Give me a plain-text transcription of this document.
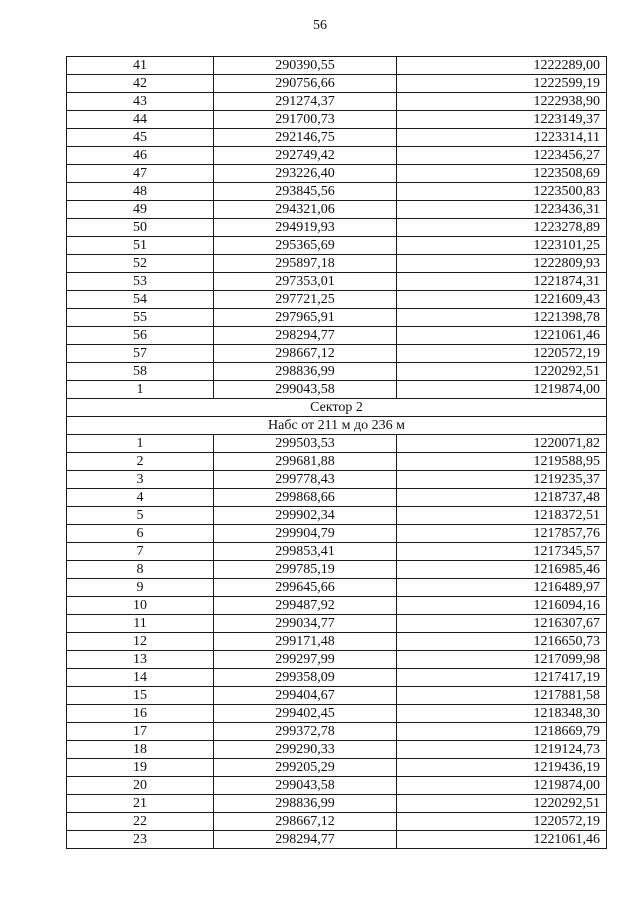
56
41	290390,55	1222289,00
42	290756,66	1222599,19
43	291274,37	1222938,90
44	291700,73	1223149,37
45	292146,75	1223314,11
46	292749,42	1223456,27
47	293226,40	1223508,69
48	293845,56	1223500,83
49	294321,06	1223436,31
50	294919,93	1223278,89
51	295365,69	1223101,25
52	295897,18	1222809,93
53	297353,01	1221874,31
54	297721,25	1221609,43
55	297965,91	1221398,78
56	298294,77	1221061,46
57	298667,12	1220572,19
58	298836,99	1220292,51
1	299043,58	1219874,00
Сектор 2		
Набс от 211 м до 236 м		
1	299503,53	1220071,82
2	299681,88	1219588,95
3	299778,43	1219235,37
4	299868,66	1218737,48
5	299902,34	1218372,51
6	299904,79	1217857,76
7	299853,41	1217345,57
8	299785,19	1216985,46
9	299645,66	1216489,97
10	299487,92	1216094,16
11	299034,77	1216307,67
12	299171,48	1216650,73
13	299297,99	1217099,98
14	299358,09	1217417,19
15	299404,67	1217881,58
16	299402,45	1218348,30
17	299372,78	1218669,79
18	299290,33	1219124,73
19	299205,29	1219436,19
20	299043,58	1219874,00
21	298836,99	1220292,51
22	298667,12	1220572,19
23	298294,77	1221061,46
